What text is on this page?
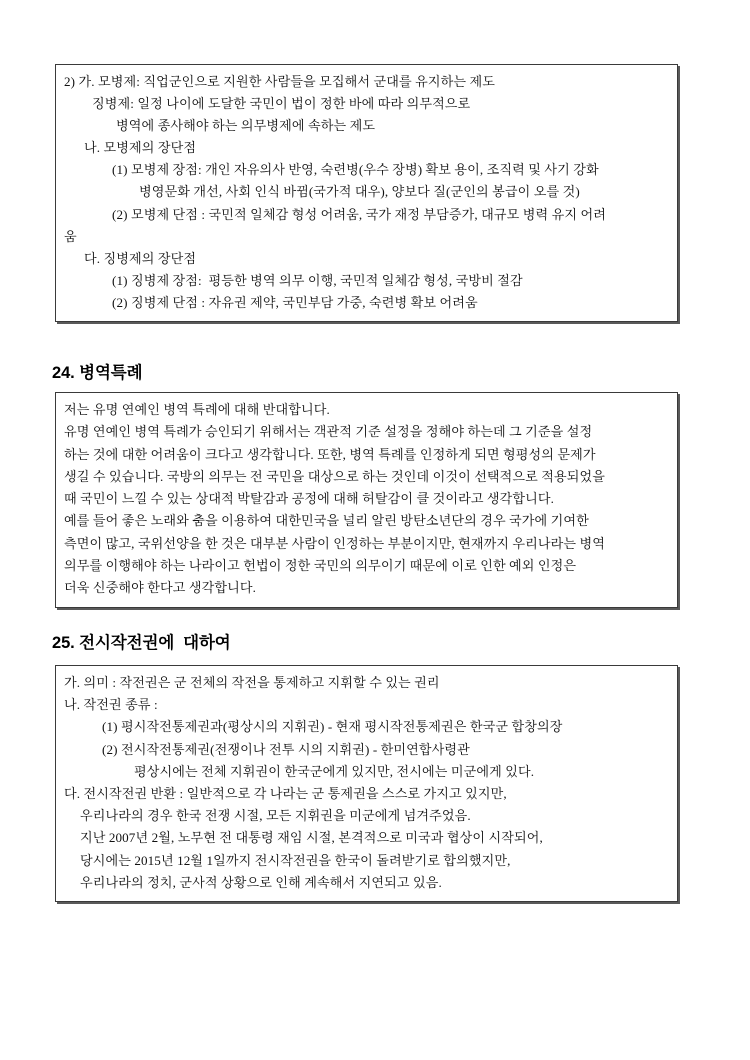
2) 가. 모병제: 직업군인으로 지원한 사람들을 모집해서 군대를 유지하는 제도
징병제: 일정 나이에 도달한 국민이 법이 정한 바에 따라 의무적으로
병역에 종사해야 하는 의무병제에 속하는 제도
나. 모병제의 장단점
(1) 모병제 장점: 개인 자유의사 반영, 숙련병(우수 장병) 확보 용이, 조직력 및 사기 강화
병영문화 개선, 사회 인식 바뀜(국가적 대우), 양보다 질(군인의 봉급이 오를 것)
(2) 모병제 단점 : 국민적 일체감 형성 어려움, 국가 재정 부담증가, 대규모 병력 유지 어려
움
다. 징병제의 장단점
(1) 징병제 장점:  평등한 병역 의무 이행, 국민적 일체감 형성, 국방비 절감
(2) 징병제 단점 : 자유권 제약, 국민부담 가중, 숙련병 확보 어려움
24. 병역특례
저는 유명 연예인 병역 특례에 대해 반대합니다.
유명 연예인 병역 특례가 승인되기 위해서는 객관적 기준 설정을 정해야 하는데 그 기준을 설정
하는 것에 대한 어려움이 크다고 생각합니다. 또한, 병역 특례를 인정하게 되면 형평성의 문제가
생길 수 있습니다. 국방의 의무는 전 국민을 대상으로 하는 것인데 이것이 선택적으로 적용되었을
때 국민이 느낄 수 있는 상대적 박탈감과 공정에 대해 허탈감이 클 것이라고 생각합니다.
예를 들어 좋은 노래와 춤을 이용하여 대한민국을 널리 알린 방탄소년단의 경우 국가에 기여한
측면이 많고, 국위선양을 한 것은 대부분 사람이 인정하는 부분이지만, 현재까지 우리나라는 병역
의무를 이행해야 하는 나라이고 헌법이 정한 국민의 의무이기 때문에 이로 인한 예외 인정은
더욱 신중해야 한다고 생각합니다.
25. 전시작전권에  대하여
가. 의미 : 작전권은 군 전체의 작전을 통제하고 지휘할 수 있는 권리
나. 작전권 종류 :
(1) 평시작전통제권과(평상시의 지휘권) - 현재 평시작전통제권은 한국군 합창의장
(2) 전시작전통제권(전쟁이나 전투 시의 지휘권) - 한미연합사령관
평상시에는 전체 지휘권이 한국군에게 있지만, 전시에는 미군에게 있다.
다. 전시작전권 반환 : 일반적으로 각 나라는 군 통제권을 스스로 가지고 있지만,
우리나라의 경우 한국 전쟁 시절, 모든 지휘권을 미군에게 넘겨주었음.
지난 2007년 2월, 노무현 전 대통령 재임 시절, 본격적으로 미국과 협상이 시작되어,
당시에는 2015년 12월 1일까지 전시작전권을 한국이 돌려받기로 합의했지만,
우리나라의 정치, 군사적 상황으로 인해 계속해서 지연되고 있음.
